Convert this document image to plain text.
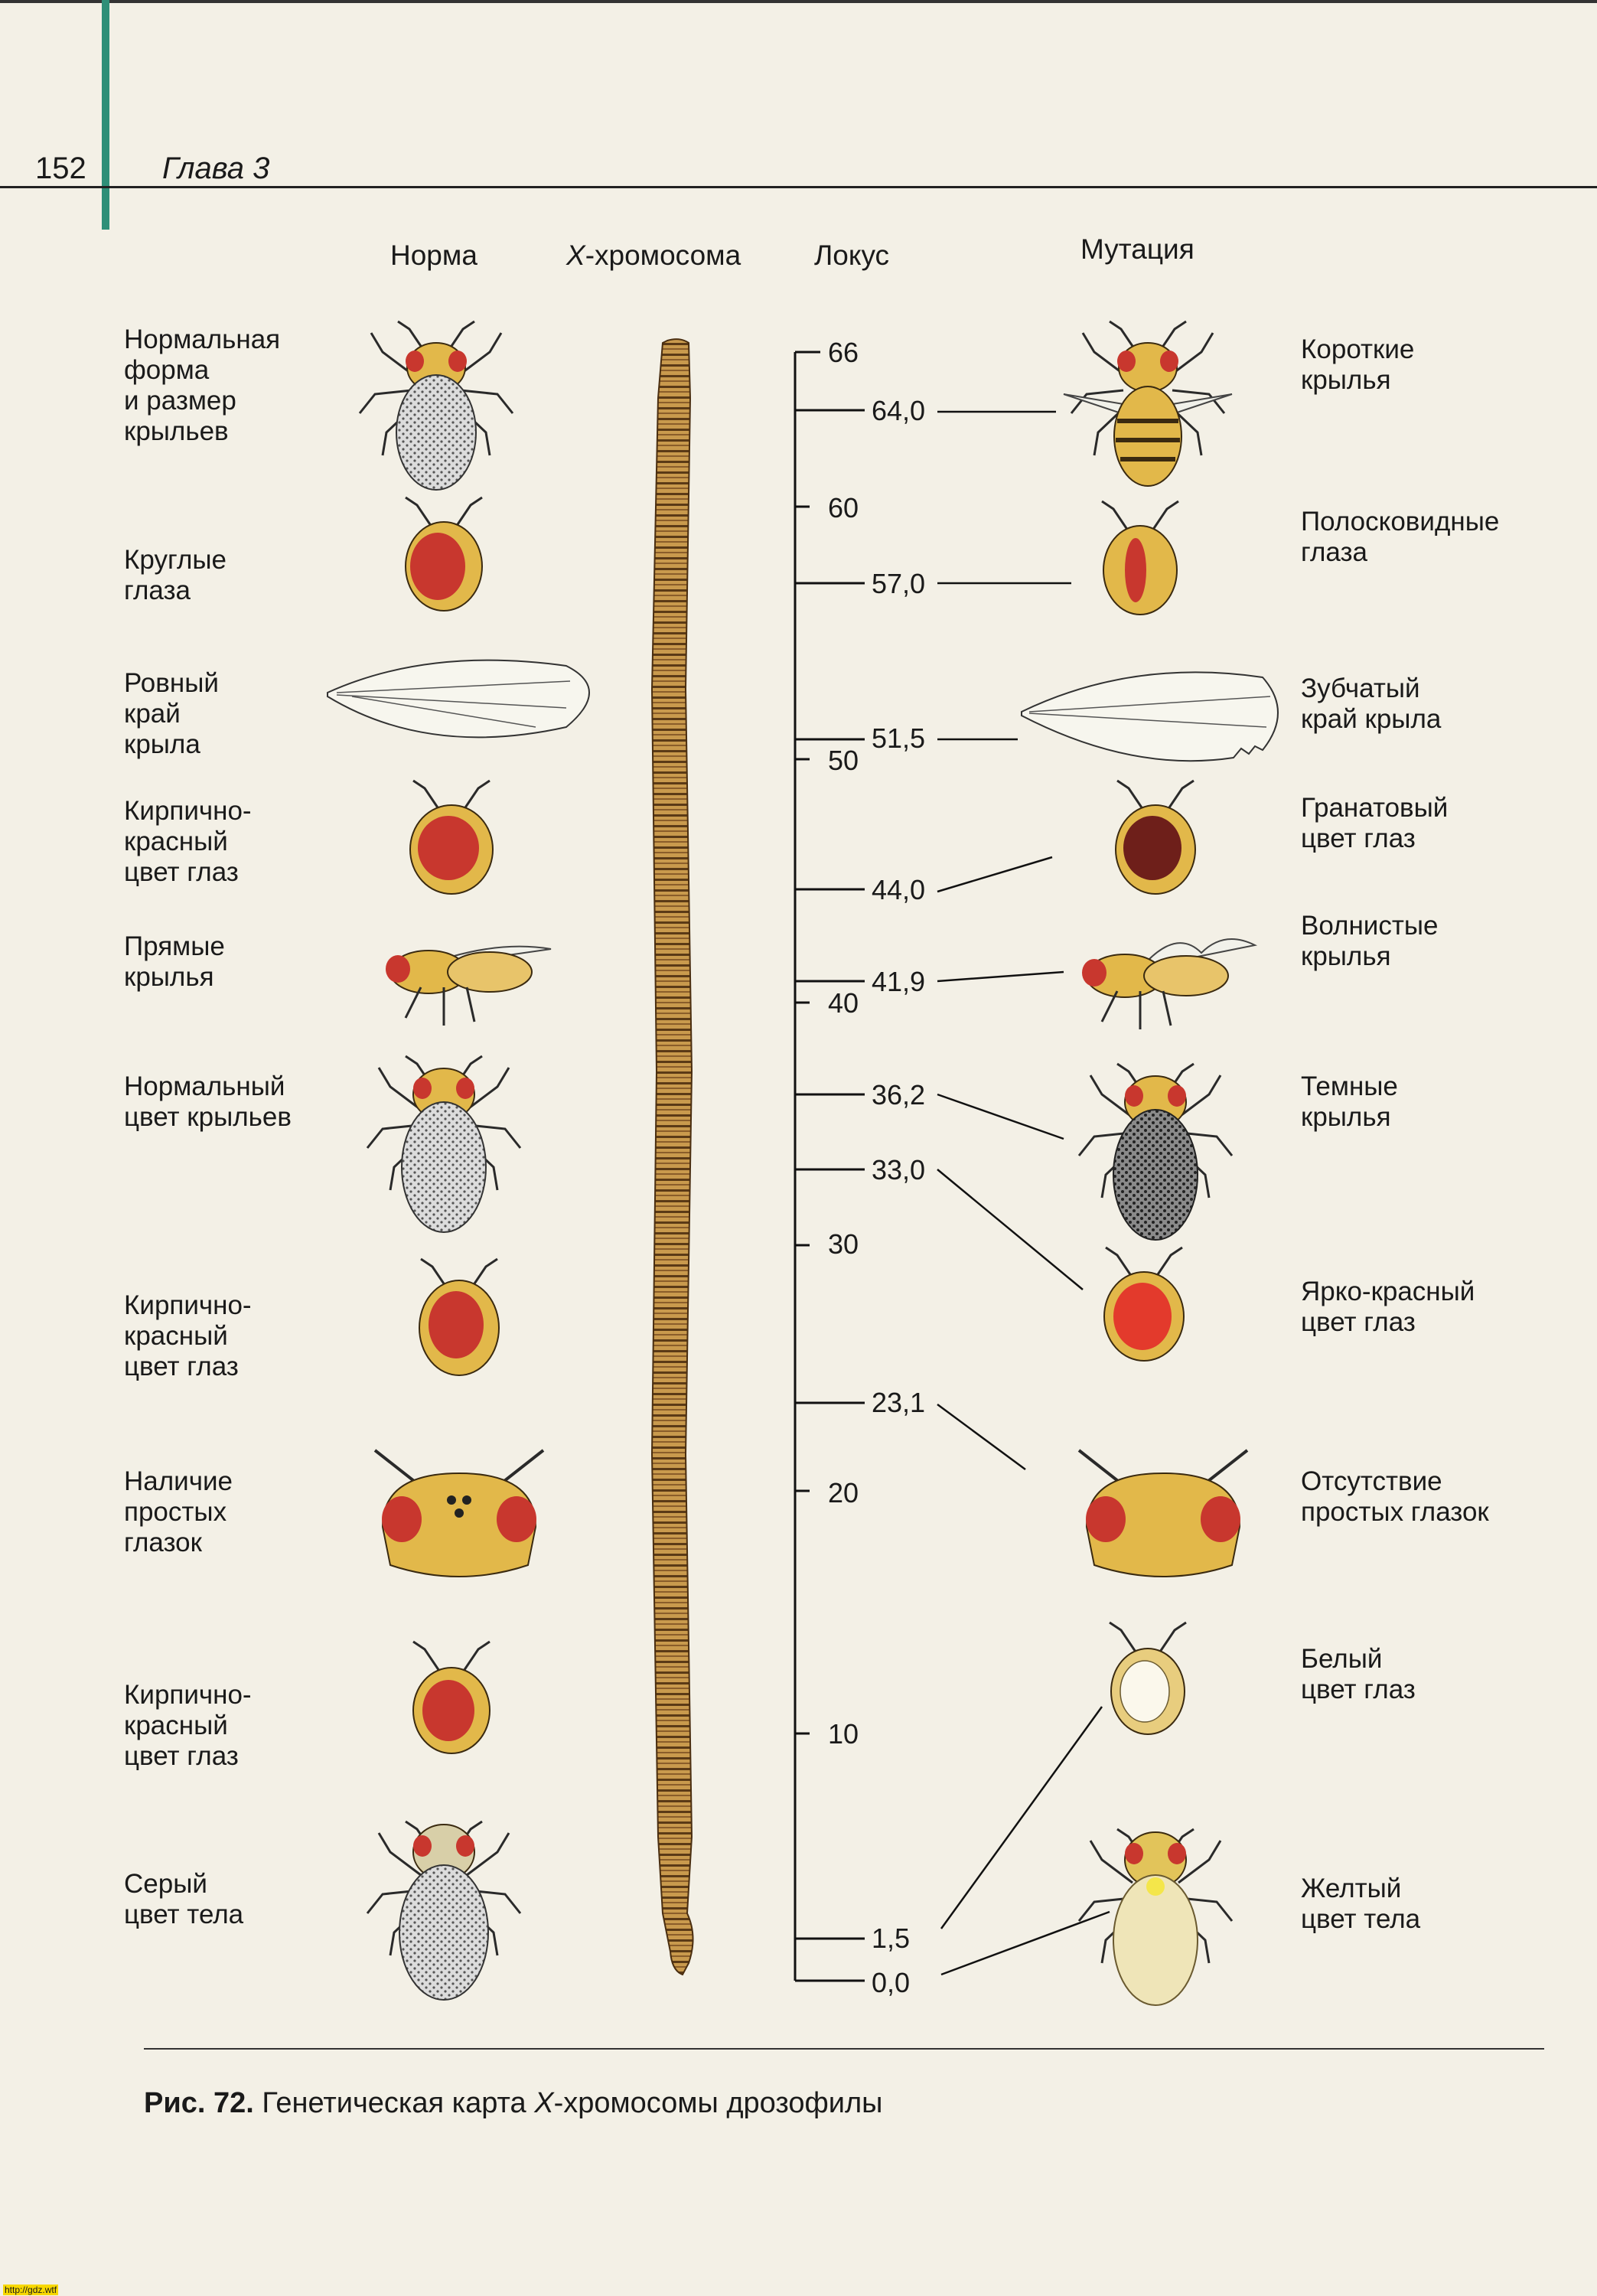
152 Глава 3
Норма	X-хромосома	Локус	Мутация
Нормальная
форма
и размер
крыльев
Круглые
глаза
Ровный
край
крыла
Кирпично-
красный
цвет глаз
Прямые
крылья
Нормальный
цвет крыльев
Кирпично-
красный
цвет глаз
Наличие
простых
глазок
Кирпично-
красный
цвет глаз
Серый
цвет тела
Короткие
крылья
Полосковидные
глаза
Зубчатый
край крыла
Гранатовый
цвет глаз
Волнистые
крылья
Темные
крылья
Ярко-красный
цвет глаз
Отсутствие
простых глазок
Белый
цвет глаз
Желтый
цвет тела
66
60
50
40
30
20
10
64,0
57,0
51,5
44,0
41,9
36,2
33,0
23,1
1,5
0,0
Рис. 72. Генетическая карта X-хромосомы дрозофилы
http://gdz.wtf
